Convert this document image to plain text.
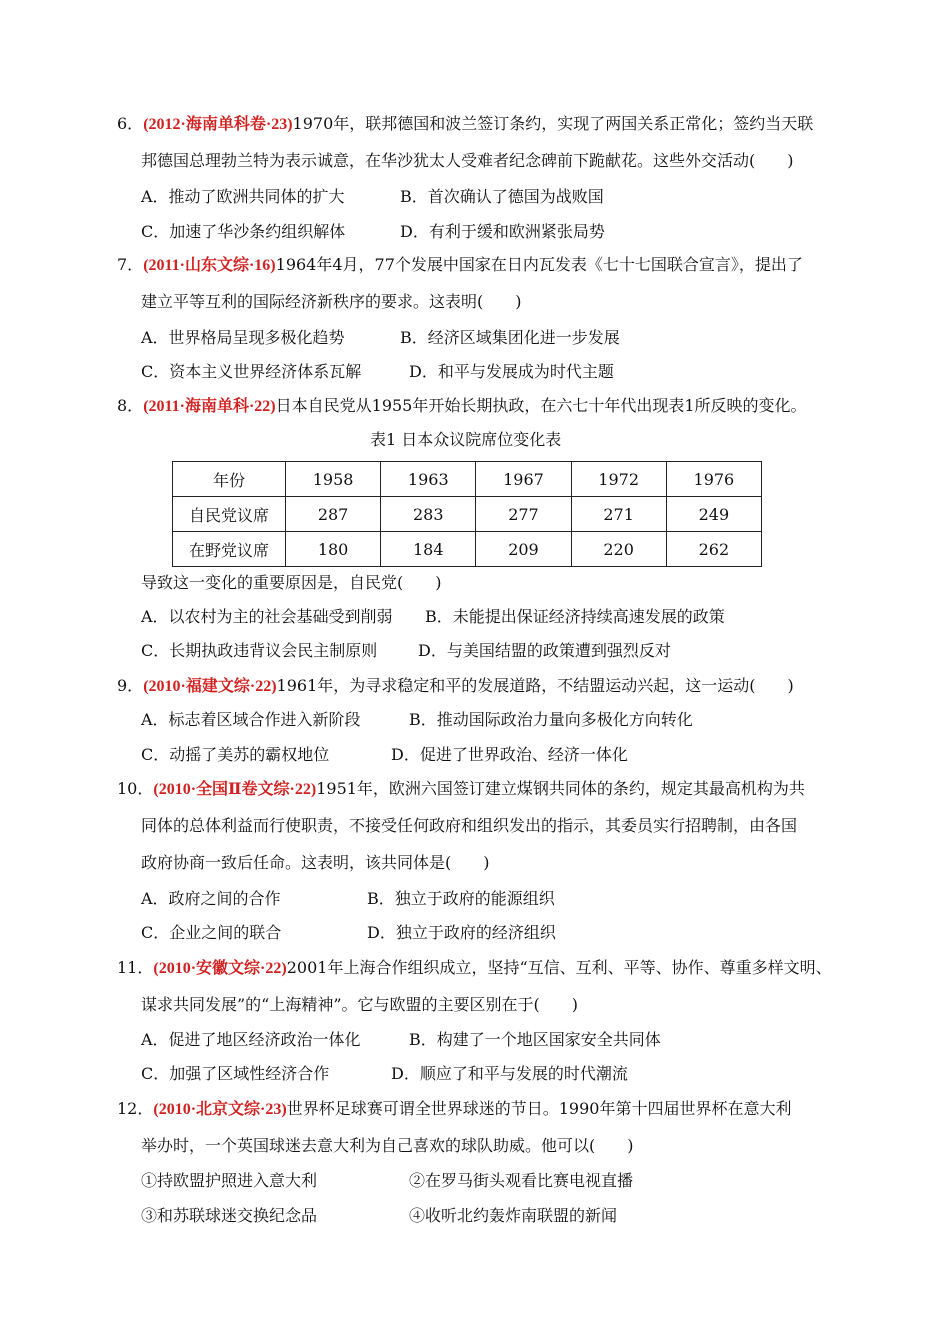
6．(2012·海南单科卷·23)1970年，联邦德国和波兰签订条约，实现了两国关系正常化；签约当天联
邦德国总理勃兰特为表示诚意，在华沙犹太人受难者纪念碑前下跪献花。这些外交活动(　　)
A．推动了欧洲共同体的扩大	B．首次确认了德国为战败国
C．加速了华沙条约组织解体	D．有利于缓和欧洲紧张局势
7．(2011·山东文综·16)1964年4月，77个发展中国家在日内瓦发表《七十七国联合宣言》，提出了
建立平等互利的国际经济新秩序的要求。这表明(　　)
A．世界格局呈现多极化趋势	B．经济区域集团化进一步发展
C．资本主义世界经济体系瓦解	D．和平与发展成为时代主题
8．(2011·海南单科·22)日本自民党从1955年开始长期执政，在六七十年代出现表1所反映的变化。
表1 日本众议院席位变化表
年份	1958	1963	1967	1972	1976
自民党议席	287	283	277	271	249
在野党议席	180	184	209	220	262
导致这一变化的重要原因是，自民党(　　)
A．以农村为主的社会基础受到削弱 B．未能提出保证经济持续高速发展的政策
C．长期执政违背议会民主制原则	D．与美国结盟的政策遭到强烈反对
9．(2010·福建文综·22)1961年，为寻求稳定和平的发展道路，不结盟运动兴起，这一运动(　　)
A．标志着区域合作进入新阶段	B．推动国际政治力量向多极化方向转化
C．动摇了美苏的霸权地位	D．促进了世界政治、经济一体化
10．(2010·全国Ⅱ卷文综·22)1951年，欧洲六国签订建立煤钢共同体的条约，规定其最高机构为共
同体的总体利益而行使职责，不接受任何政府和组织发出的指示，其委员实行招聘制，由各国
政府协商一致后任命。这表明，该共同体是(　　)
A．政府之间的合作	B．独立于政府的能源组织
C．企业之间的联合	D．独立于政府的经济组织
11．(2010·安徽文综·22)2001年上海合作组织成立，坚持“互信、互利、平等、协作、尊重多样文明、
谋求共同发展”的“上海精神”。它与欧盟的主要区别在于(　　)
A．促进了地区经济政治一体化	B．构建了一个地区国家安全共同体
C．加强了区域性经济合作	D．顺应了和平与发展的时代潮流
12．(2010·北京文综·23)世界杯足球赛可谓全世界球迷的节日。1990年第十四届世界杯在意大利
举办时，一个英国球迷去意大利为自己喜欢的球队助威。他可以(　　)
①持欧盟护照进入意大利	②在罗马街头观看比赛电视直播
③和苏联球迷交换纪念品	④收听北约轰炸南联盟的新闻
